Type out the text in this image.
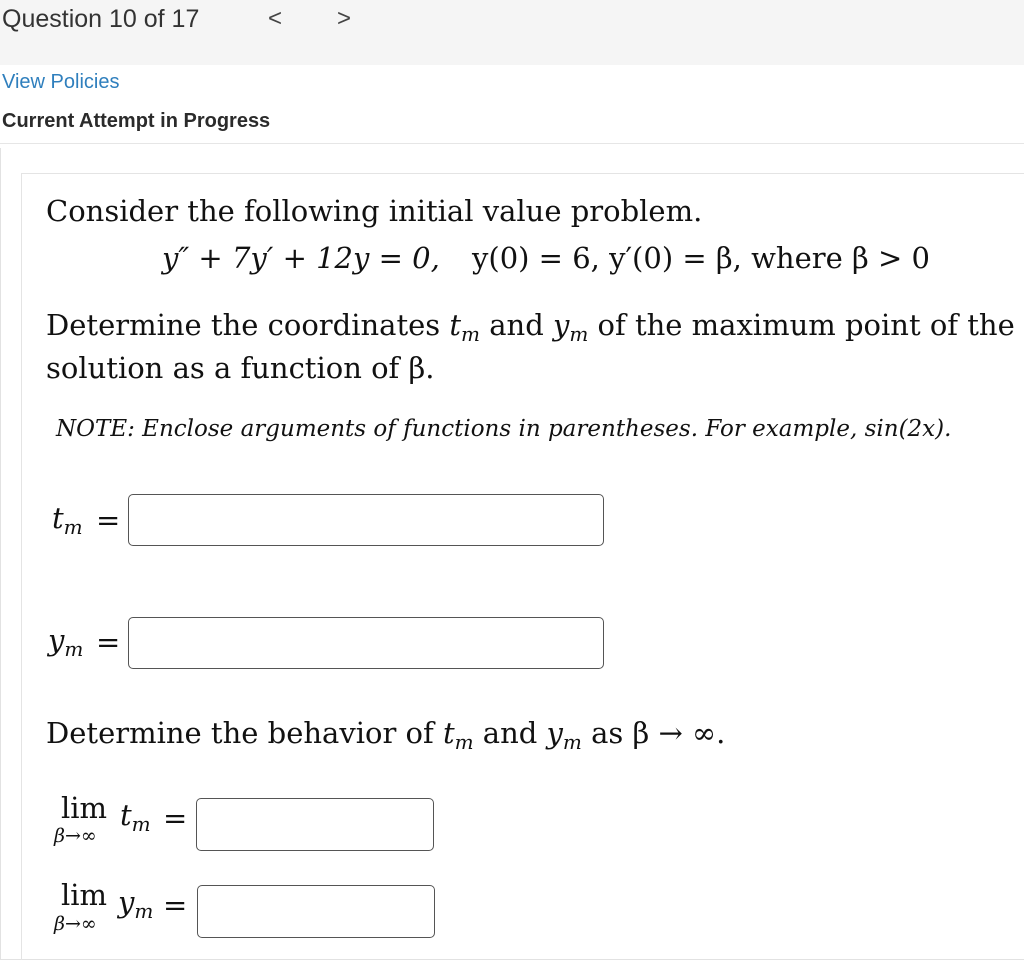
Question 10 of 17	< >
View Policies
Current Attempt in Progress
Consider the following initial value problem.
y″ + 7y′ + 12y = 0, y(0) = 6, y′(0) = β, where β > 0
Determine the coordinates $t_m$ and $y_m$ of the maximum point of the
solution as a function of β.
NOTE: Enclose arguments of functions in parentheses. For example, sin(2x).
$t_m$ =
$y_m$ =
Determine the behavior of $t_m$ and $y_m$ as β → ∞.
lim
β→∞
$t_m$ =
lim
β→∞
$y_m$ =
